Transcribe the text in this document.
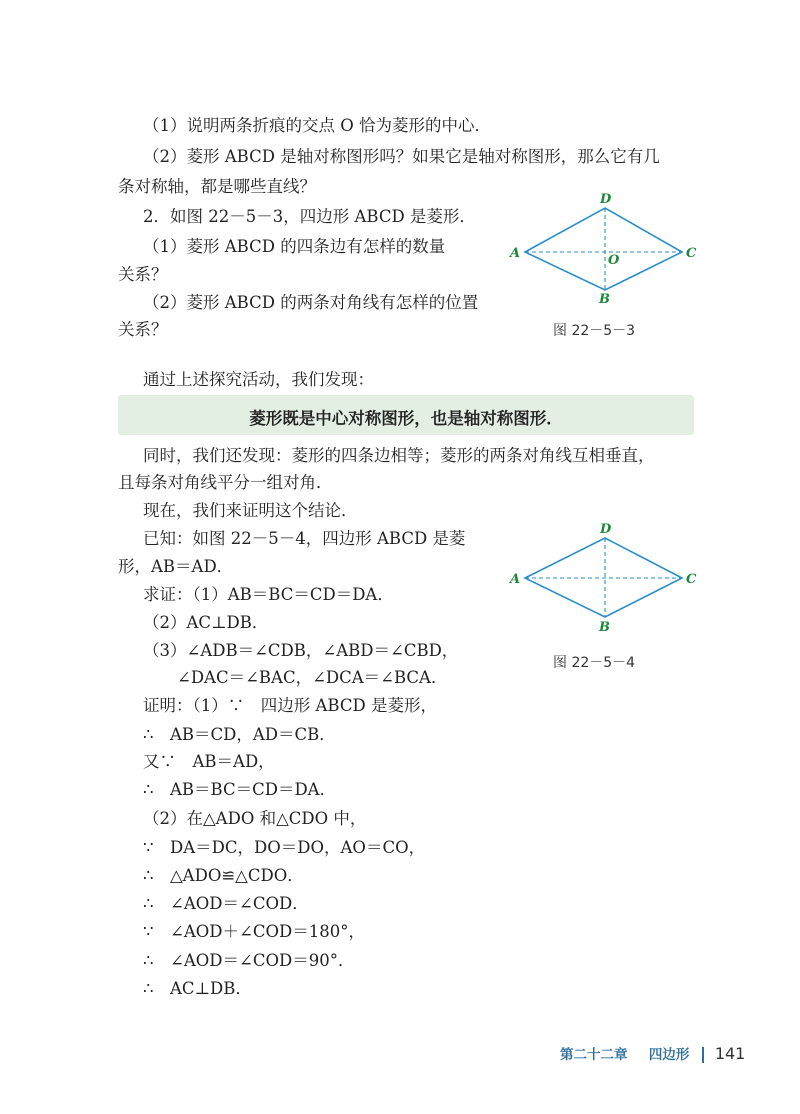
（1）说明两条折痕的交点 O 恰为菱形的中心．
（2）菱形 ABCD 是轴对称图形吗？如果它是轴对称图形，那么它有几
条对称轴，都是哪些直线？
2．如图 22－5－3，四边形 ABCD 是菱形．
（1）菱形 ABCD 的四条边有怎样的数量
关系？
（2）菱形 ABCD 的两条对角线有怎样的位置
关系？
通过上述探究活动，我们发现：
菱形既是中心对称图形，也是轴对称图形．
同时，我们还发现：菱形的四条边相等；菱形的两条对角线互相垂直，
且每条对角线平分一组对角．
现在，我们来证明这个结论．
已知：如图 22－5－4，四边形 ABCD 是菱
形，AB＝AD．
求证：（1）AB＝BC＝CD＝DA．
（2）AC⊥DB．
（3）∠ADB＝∠CDB，∠ABD＝∠CBD，
∠DAC＝∠BAC，∠DCA＝∠BCA．
证明：（1）∵　四边形 ABCD 是菱形，
∴　AB＝CD，AD＝CB．
又∵　AB＝AD，
∴　AB＝BC＝CD＝DA．
（2）在△ADO 和△CDO 中，
∵　DA＝DC，DO＝DO，AO＝CO，
∴　△ADO≌△CDO．
∴　∠AOD＝∠COD．
∵　∠AOD＋∠COD＝180°，
∴　∠AOD＝∠COD＝90°．
∴　AC⊥DB．
A
D
C
B
O
图 22－5－3
A
D
C
B
图 22－5－4
第二十二章 四边形 141
